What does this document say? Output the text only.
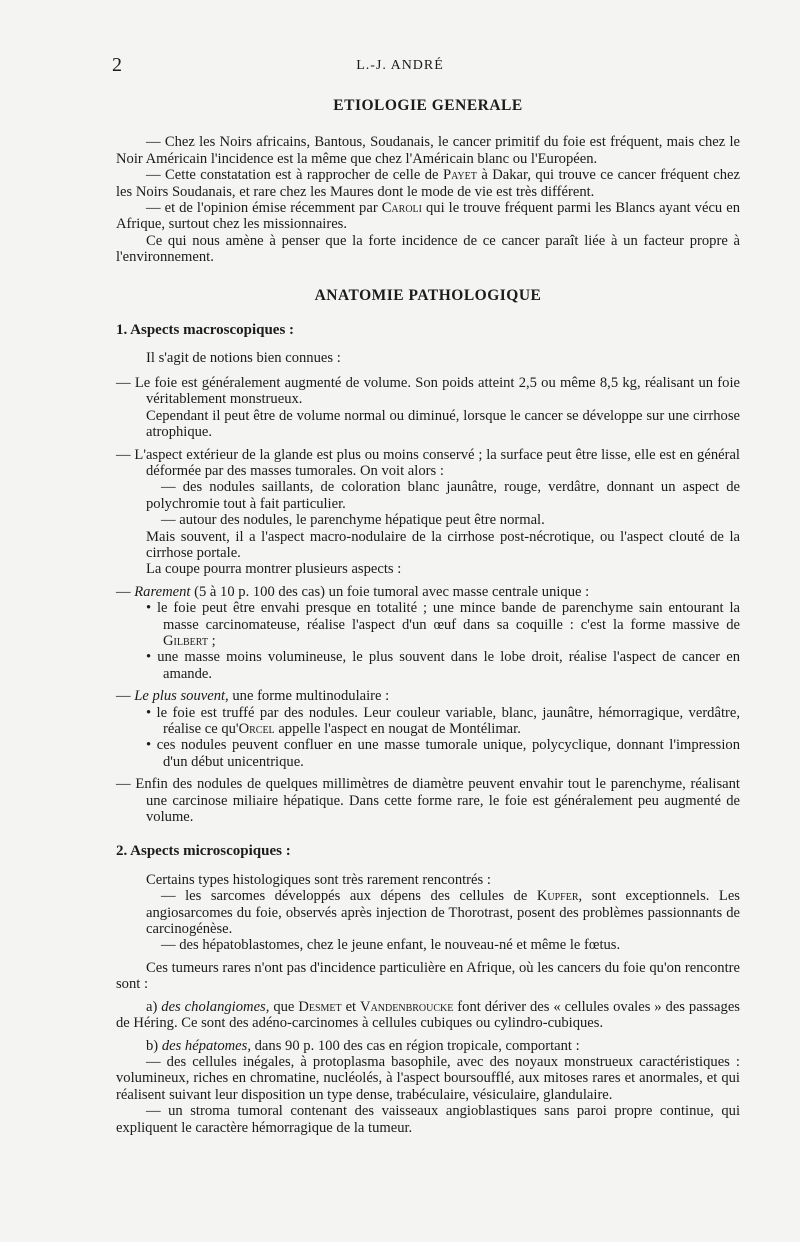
2	L.-J. ANDRÉ
ETIOLOGIE GENERALE

— Chez les Noirs africains, Bantous, Soudanais, le cancer primitif du foie est fréquent, mais chez le Noir Américain l'incidence est la même que chez l'Américain blanc ou l'Européen.

— Cette constatation est à rapprocher de celle de Payet à Dakar, qui trouve ce cancer fréquent chez les Noirs Soudanais, et rare chez les Maures dont le mode de vie est très différent.

— et de l'opinion émise récemment par Caroli qui le trouve fréquent parmi les Blancs ayant vécu en Afrique, surtout chez les missionnaires.

Ce qui nous amène à penser que la forte incidence de ce cancer paraît liée à un facteur propre à l'environnement.

ANATOMIE PATHOLOGIQUE
1. Aspects macroscopiques :

Il s'agit de notions bien connues :

— Le foie est généralement augmenté de volume. Son poids atteint 2,5 ou même 8,5 kg, réalisant un foie véritablement monstrueux.

Cependant il peut être de volume normal ou diminué, lorsque le cancer se développe sur une cirrhose atrophique.

— L'aspect extérieur de la glande est plus ou moins conservé ; la surface peut être lisse, elle est en général déformée par des masses tumorales. On voit alors :

— des nodules saillants, de coloration blanc jaunâtre, rouge, verdâtre, donnant un aspect de polychromie tout à fait particulier.

— autour des nodules, le parenchyme hépatique peut être normal.

Mais souvent, il a l'aspect macro-nodulaire de la cirrhose post-nécrotique, ou l'aspect clouté de la cirrhose portale.

La coupe pourra montrer plusieurs aspects :

— Rarement (5 à 10 p. 100 des cas) un foie tumoral avec masse centrale unique :

• le foie peut être envahi presque en totalité ; une mince bande de parenchyme sain entourant la masse carcinomateuse, réalise l'aspect d'un œuf dans sa coquille : c'est la forme massive de Gilbert ;

• une masse moins volumineuse, le plus souvent dans le lobe droit, réalise l'aspect de cancer en amande.

— Le plus souvent, une forme multinodulaire :

• le foie est truffé par des nodules. Leur couleur variable, blanc, jaunâtre, hémorragique, verdâtre, réalise ce qu'Orcel appelle l'aspect en nougat de Montélimar.

• ces nodules peuvent confluer en une masse tumorale unique, polycyclique, donnant l'impression d'un début unicentrique.

— Enfin des nodules de quelques millimètres de diamètre peuvent envahir tout le parenchyme, réalisant une carcinose miliaire hépatique. Dans cette forme rare, le foie est généralement peu augmenté de volume.

2. Aspects microscopiques :

Certains types histologiques sont très rarement rencontrés :

— les sarcomes développés aux dépens des cellules de Kupfer, sont exceptionnels. Les angiosarcomes du foie, observés après injection de Thorotrast, posent des problèmes passionnants de carcinogénèse.

— des hépatoblastomes, chez le jeune enfant, le nouveau-né et même le fœtus.

Ces tumeurs rares n'ont pas d'incidence particulière en Afrique, où les cancers du foie qu'on rencontre sont :

a) des cholangiomes, que Desmet et Vandenbroucke font dériver des « cellules ovales » des passages de Héring. Ce sont des adéno-carcinomes à cellules cubiques ou cylindro-cubiques.

b) des hépatomes, dans 90 p. 100 des cas en région tropicale, comportant :

— des cellules inégales, à protoplasma basophile, avec des noyaux monstrueux caractéristiques : volumineux, riches en chromatine, nucléolés, à l'aspect boursoufflé, aux mitoses rares et anormales, et qui réalisent suivant leur disposition un type dense, trabéculaire, vésiculaire, glandulaire.

— un stroma tumoral contenant des vaisseaux angioblastiques sans paroi propre continue, qui expliquent le caractère hémorragique de la tumeur.
